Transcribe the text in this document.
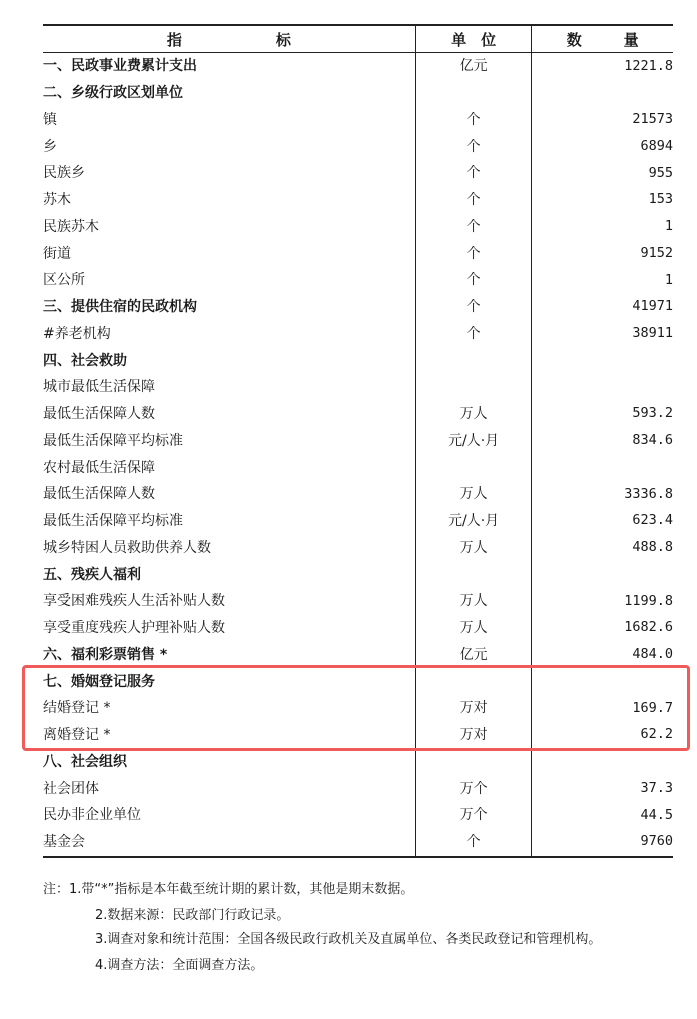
指 标	单　位	数 量
一、民政事业费累计支出	亿元	1221.8
二、乡级行政区划单位		
镇	个	21573
乡	个	6894
民族乡	个	955
苏木	个	153
民族苏木	个	1
街道	个	9152
区公所	个	1
三、提供住宿的民政机构	个	41971
#养老机构	个	38911
四、社会救助		
城市最低生活保障		
最低生活保障人数	万人	593.2
最低生活保障平均标准	元/人·月	834.6
农村最低生活保障		
最低生活保障人数	万人	3336.8
最低生活保障平均标准	元/人·月	623.4
城乡特困人员救助供养人数	万人	488.8
五、残疾人福利		
享受困难残疾人生活补贴人数	万人	1199.8
享受重度残疾人护理补贴人数	万人	1682.6
六、福利彩票销售 *	亿元	484.0
七、婚姻登记服务		
结婚登记 *	万对	169.7
离婚登记 *	万对	62.2
八、社会组织		
社会团体	万个	37.3
民办非企业单位	万个	44.5
基金会	个	9760

注：1.带“*”指标是本年截至统计期的累计数，其他是期末数据。

2.数据来源：民政部门行政记录。

3.调查对象和统计范围：全国各级民政行政机关及直属单位、各类民政登记和管理机构。

4.调查方法：全面调查方法。
